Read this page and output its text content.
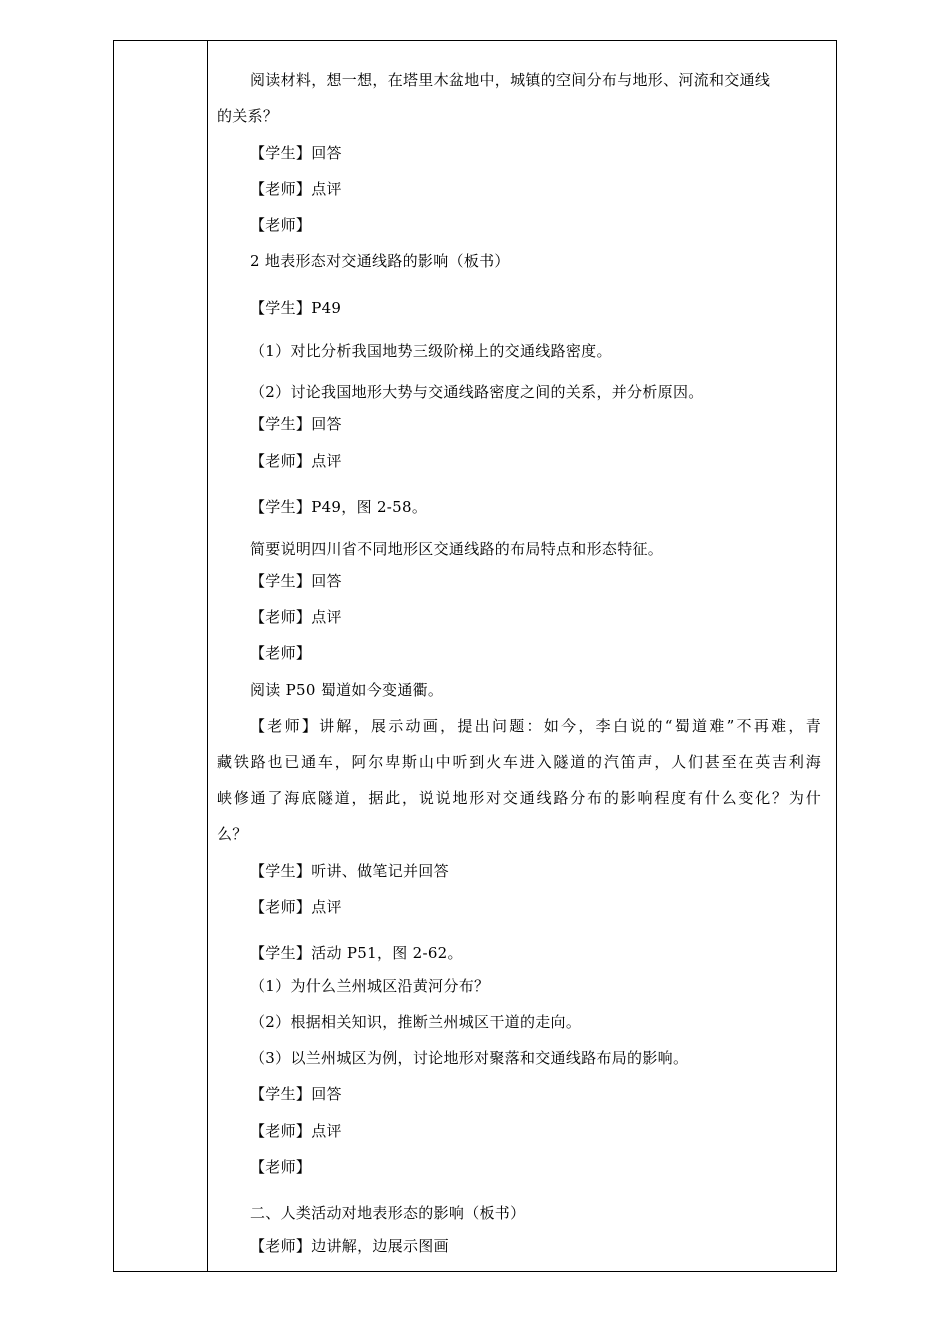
阅读材料，想一想，在塔里木盆地中，城镇的空间分布与地形、河流和交通线
的关系？
【学生】回答
【老师】点评
【老师】
2 地表形态对交通线路的影响（板书）
【学生】P49
（1）对比分析我国地势三级阶梯上的交通线路密度。
（2）讨论我国地形大势与交通线路密度之间的关系，并分析原因。
【学生】回答
【老师】点评
【学生】P49，图 2-58。
简要说明四川省不同地形区交通线路的布局特点和形态特征。
【学生】回答
【老师】点评
【老师】
阅读 P50 蜀道如今变通衢。
【老师】讲解，展示动画，提出问题：如今，李白说的“蜀道难”不再难，青
藏铁路也已通车，阿尔卑斯山中听到火车进入隧道的汽笛声，人们甚至在英吉利海
峡修通了海底隧道，据此，说说地形对交通线路分布的影响程度有什么变化？为什
么？
【学生】听讲、做笔记并回答
【老师】点评
【学生】活动 P51，图 2-62。
（1）为什么兰州城区沿黄河分布？
（2）根据相关知识，推断兰州城区干道的走向。
（3）以兰州城区为例，讨论地形对聚落和交通线路布局的影响。
【学生】回答
【老师】点评
【老师】
二、人类活动对地表形态的影响（板书）
【老师】边讲解，边展示图画
